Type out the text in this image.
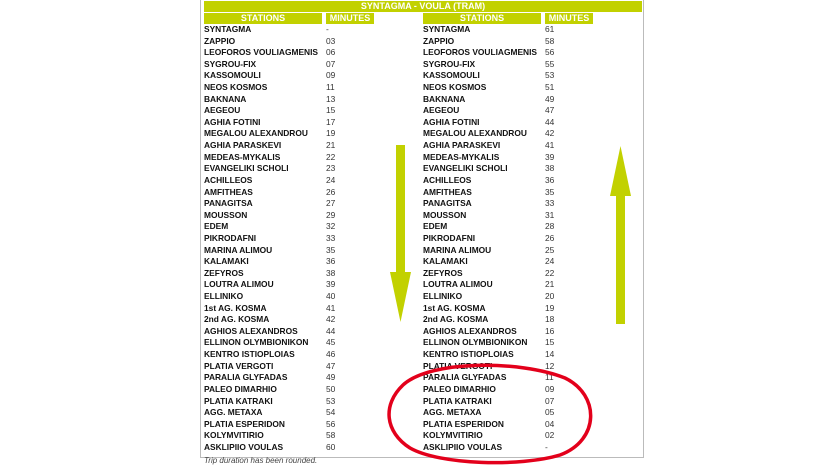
SYNTAGMA - VOULA (TRAM)
STATIONS	MINUTES
SYNTAGMA	-
ZAPPIO	03
LEOFOROS VOULIAGMENIS 06
SYGROU-FIX	07
KASSOMOULI	09
NEOS KOSMOS	11
BAKNANA	13
AEGEOU	15
AGHIA FOTINI	17
MEGALOU ALEXANDROU 19
AGHIA PARASKEVI	21
MEDEAS-MYKALIS	22
EVANGELIKI SCHOLI	23
ACHILLEOS	24
AMFITHEAS	26
PANAGITSA	27
MOUSSON	29
EDEM	32
PIKRODAFNI	33
MARINA ALIMOU	35
KALAMAKI	36
ZEFYROS	38
LOUTRA ALIMOU	39
ELLINIKO	40
1st AG. KOSMA	41
2nd AG. KOSMA	42
AGHIOS ALEXANDROS	44
ELLINON OLYMBIONIKON 45
KENTRO ISTIOPLOIAS	46
PLATIA VERGOTI	47
PARALIA GLYFADAS	49
PALEO DIMARHIO	50
PLATIA KATRAKI	53
AGG. METAXA	54
PLATIA ESPERIDON	56
KOLYMVITIRIO	58
ASKLIPIIO VOULAS	60
STATIONS	MINUTES
SYNTAGMA	61
ZAPPIO	58
LEOFOROS VOULIAGMENIS 56
SYGROU-FIX	55
KASSOMOULI	53
NEOS KOSMOS	51
BAKNANA	49
AEGEOU	47
AGHIA FOTINI	44
MEGALOU ALEXANDROU 42
AGHIA PARASKEVI	41
MEDEAS-MYKALIS	39
EVANGELIKI SCHOLI	38
ACHILLEOS	36
AMFITHEAS	35
PANAGITSA	33
MOUSSON	31
EDEM	28
PIKRODAFNI	26
MARINA ALIMOU	25
KALAMAKI	24
ZEFYROS	22
LOUTRA ALIMOU	21
ELLINIKO	20
1st AG. KOSMA	19
2nd AG. KOSMA	18
AGHIOS ALEXANDROS	16
ELLINON OLYMBIONIKON 15
KENTRO ISTIOPLOIAS	14
PLATIA VERGOTI	12
PARALIA GLYFADAS	11
PALEO DIMARHIO	09
PLATIA KATRAKI	07
AGG. METAXA	05
PLATIA ESPERIDON	04
KOLYMVITIRIO	02
ASKLIPIIO VOULAS	-
Trip duration has been rounded.
